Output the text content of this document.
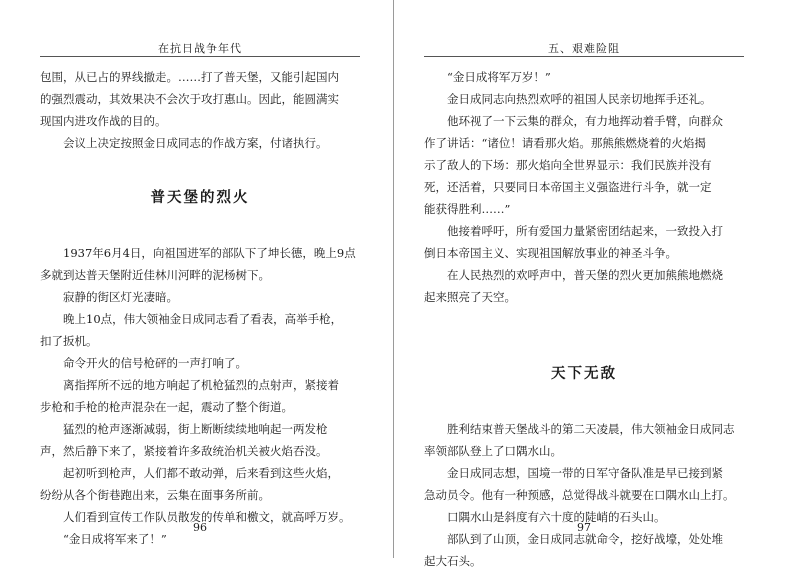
在抗日战争年代

包围，从已占的界线撤走。……打了普天堡，又能引起国内

的强烈震动，其效果决不会次于攻打惠山。因此，能圆满实

现国内进攻作战的目的。

会议上决定按照金日成同志的作战方案，付诸执行。

普天堡的烈火

1937年6月4日，向祖国进军的部队下了坤长德，晚上9点

多就到达普天堡附近佳林川河畔的泥杨树下。

寂静的街区灯光凄暗。

晚上10点，伟大领袖金日成同志看了看表，高举手枪，

扣了扳机。

命令开火的信号枪砰的一声打响了。

离指挥所不远的地方响起了机枪猛烈的点射声，紧接着

步枪和手枪的枪声混杂在一起，震动了整个街道。

猛烈的枪声逐渐减弱，街上断断续续地响起一两发枪

声，然后静下来了，紧接着许多敌统治机关被火焰吞没。

起初听到枪声，人们都不敢动弹，后来看到这些火焰，

纷纷从各个街巷跑出来，云集在面事务所前。

人们看到宣传工作队员散发的传单和檄文，就高呼万岁。

“金日成将军来了！”

96
五、艰难险阻

“金日成将军万岁！”

金日成同志向热烈欢呼的祖国人民亲切地挥手还礼。

他环视了一下云集的群众，有力地挥动着手臂，向群众

作了讲话：“诸位！请看那火焰。那熊熊燃烧着的火焰揭

示了敌人的下场：那火焰向全世界显示：我们民族并没有

死，还活着，只要同日本帝国主义强盗进行斗争，就一定

能获得胜利……”

他接着呼吁，所有爱国力量紧密团结起来，一致投入打

倒日本帝国主义、实现祖国解放事业的神圣斗争。

在人民热烈的欢呼声中，普天堡的烈火更加熊熊地燃烧

起来照亮了天空。

天下无敌

胜利结束普天堡战斗的第二天凌晨，伟大领袖金日成同志

率领部队登上了口隅水山。

金日成同志想，国境一带的日军守备队准是早已接到紧

急动员令。他有一种预感，总觉得战斗就要在口隅水山上打。

口隅水山是斜度有六十度的陡峭的石头山。

部队到了山顶，金日成同志就命令，挖好战壕，处处堆

起大石头。

97
